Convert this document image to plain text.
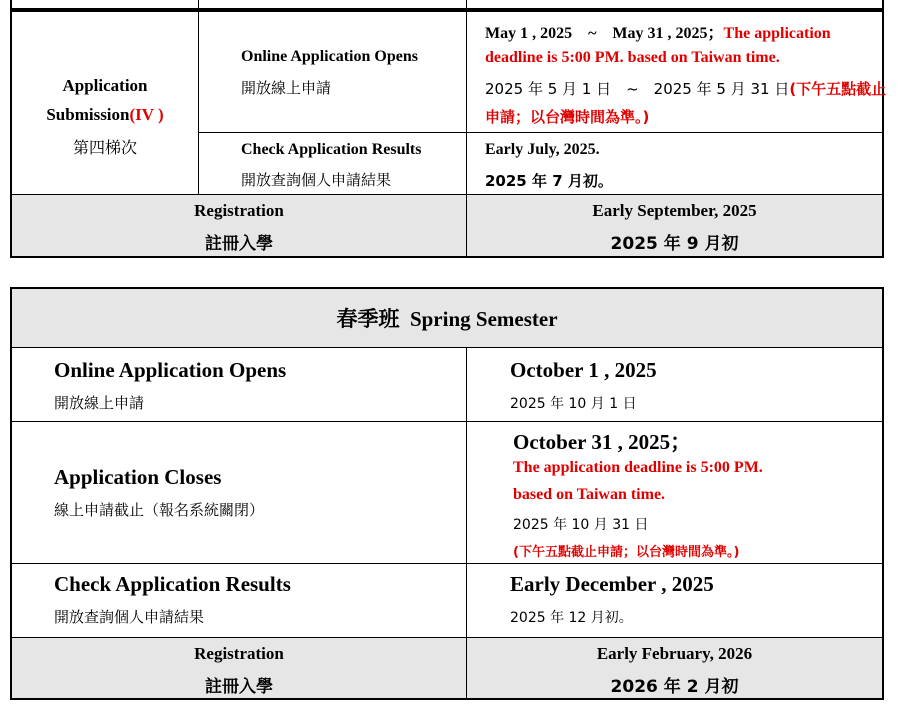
Application
Submission(IV )
第四梯次
Online Application Opens
開放線上申請
May 1 , 2025　~　May 31 , 2025；The application
deadline is 5:00 PM. based on Taiwan time.
2025 年 5 月 1 日　~　2025 年 5 月 31 日(下午五點截止
申請；以台灣時間為準。)
Check Application Results
開放查詢個人申請結果
Early July, 2025.
2025 年 7 月初。
Registration
註冊入學
Early September, 2025
2025 年 9 月初
春季班 Spring Semester
Online Application Opens
開放線上申請
October 1 , 2025
2025 年 10 月 1 日
Application Closes
線上申請截止（報名系統關閉）
October 31 , 2025；
The application deadline is 5:00 PM.
based on Taiwan time.
2025 年 10 月 31 日
(下午五點截止申請；以台灣時間為準。)
Check Application Results
開放查詢個人申請結果
Early December , 2025
2025 年 12 月初。
Registration
註冊入學
Early February, 2026
2026 年 2 月初
